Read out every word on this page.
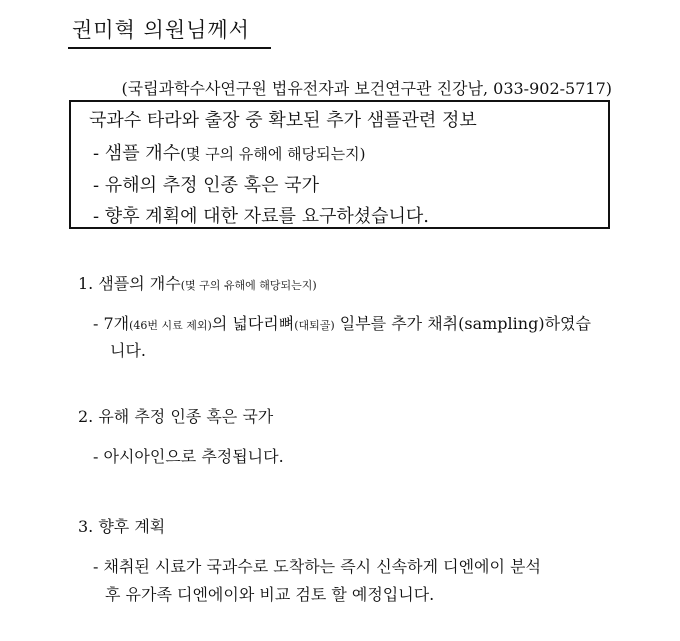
권미혁 의원님께서
(국립과학수사연구원 법유전자과 보건연구관 진강남, 033-902-5717)
국과수 타라와 출장 중 확보된 추가 샘플관련 정보
- 샘플 개수(몇 구의 유해에 해당되는지)
- 유해의 추정 인종 혹은 국가
- 향후 계획에 대한 자료를 요구하셨습니다.
1. 샘플의 개수(몇 구의 유해에 해당되는지)
- 7개(46번 시료 제외)의 넓다리뼈(대퇴골) 일부를 추가 채취(sampling)하였습
니다.
2. 유해 추정 인종 혹은 국가
- 아시아인으로 추정됩니다.
3. 향후 계획
- 채취된 시료가 국과수로 도착하는 즉시 신속하게 디엔에이 분석
후 유가족 디엔에이와 비교 검토 할 예정입니다.
